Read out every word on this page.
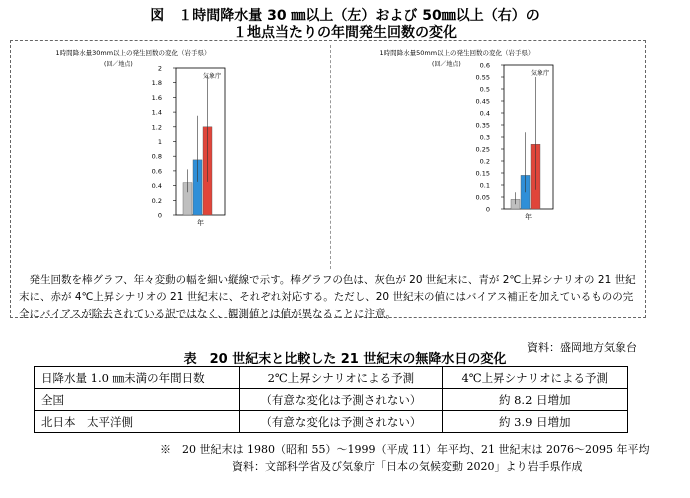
図　１時間降水量 30 ㎜以上（左）および 50㎜以上（右）の
１地点当たりの年間発生回数の変化
1時間降水量30mm以上の発生回数の変化（岩手県）
(回／地点)
気象庁
0
0.2
0.4
0.6
0.8
1
1.2
1.4
1.6
1.8
2
年
1時間降水量50mm以上の発生回数の変化（岩手県）
(回／地点)
気象庁
0
0.05
0.1
0.15
0.2
0.25
0.3
0.35
0.4
0.45
0.5
0.55
0.6
年
　発生回数を棒グラフ、年々変動の幅を細い縦線で示す。棒グラフの色は、灰色が 20 世紀末に、青が 2℃上昇シナリオの 21 世紀末に、赤が 4℃上昇シナリオの 21 世紀末に、それぞれ対応する。ただし、20 世紀末の値にはバイアス補正を加えているものの完全にバイアスが除去されている訳ではなく、観測値とは値が異なることに注意。
資料：盛岡地方気象台
表　20 世紀末と比較した 21 世紀末の無降水日の変化
日降水量 1.0 ㎜未満の年間日数	2℃上昇シナリオによる予測	4℃上昇シナリオによる予測
全国	（有意な変化は予測されない）	約 8.2 日増加
北日本　太平洋側	（有意な変化は予測されない）	約 3.9 日増加
※　20 世紀末は 1980（昭和 55）～1999（平成 11）年平均、21 世紀末は 2076～2095 年平均
資料：文部科学省及び気象庁「日本の気候変動 2020」より岩手県作成
